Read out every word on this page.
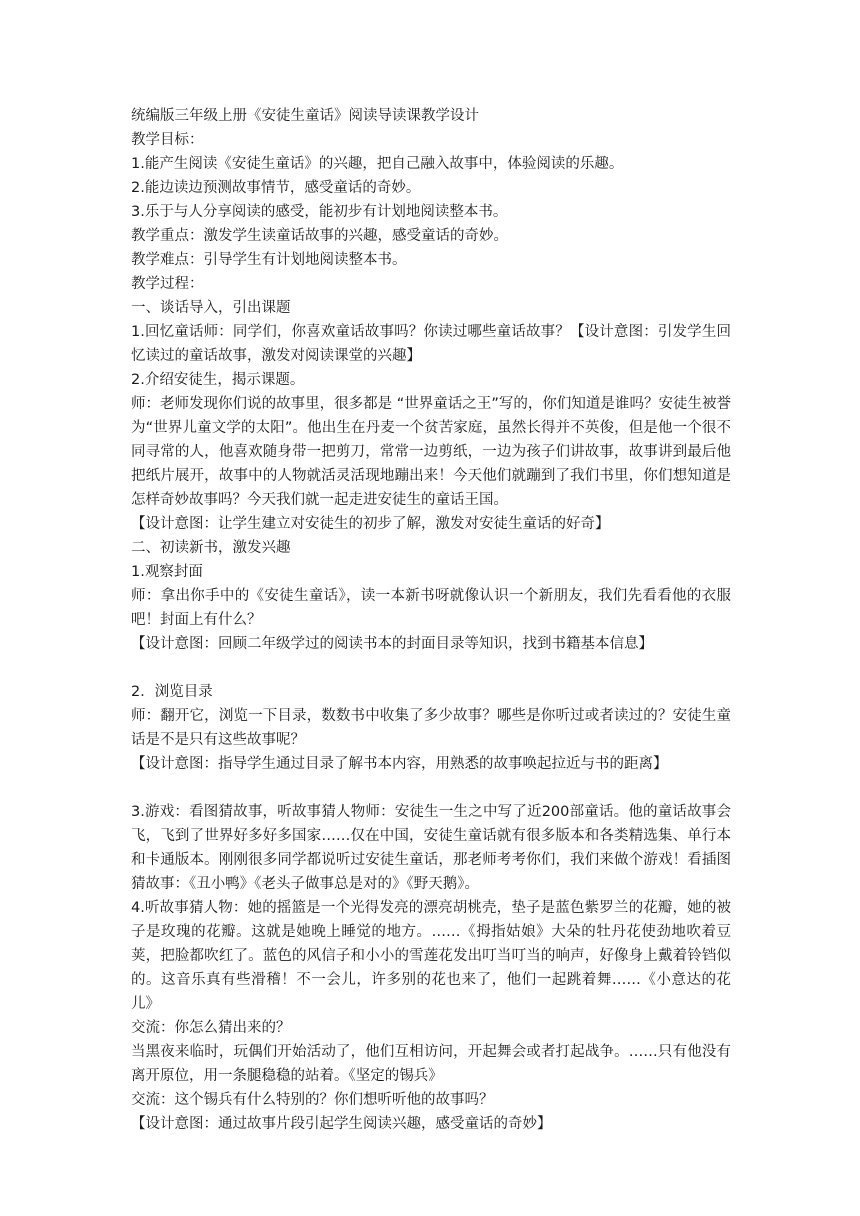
统编版三年级上册《安徒生童话》阅读导读课教学设计

教学目标：

1.能产生阅读《安徒生童话》的兴趣，把自己融入故事中，体验阅读的乐趣。

2.能边读边预测故事情节，感受童话的奇妙。

3.乐于与人分享阅读的感受，能初步有计划地阅读整本书。

教学重点：激发学生读童话故事的兴趣，感受童话的奇妙。

教学难点：引导学生有计划地阅读整本书。

教学过程：

一、谈话导入，引出课题

1.回忆童话师：同学们，你喜欢童话故事吗？你读过哪些童话故事？【设计意图：引发学生回忆读过的童话故事，激发对阅读课堂的兴趣】

2.介绍安徒生，揭示课题。

师：老师发现你们说的故事里，很多都是 “世界童话之王”写的，你们知道是谁吗？安徒生被誉为“世界儿童文学的太阳”。他出生在丹麦一个贫苦家庭，虽然长得并不英俊，但是他一个很不同寻常的人，他喜欢随身带一把剪刀，常常一边剪纸，一边为孩子们讲故事，故事讲到最后他把纸片展开，故事中的人物就活灵活现地蹦出来！今天他们就蹦到了我们书里，你们想知道是怎样奇妙故事吗？今天我们就一起走进安徒生的童话王国。

【设计意图：让学生建立对安徒生的初步了解，激发对安徒生童话的好奇】

二、初读新书，激发兴趣

1.观察封面

师：拿出你手中的《安徒生童话》，读一本新书呀就像认识一个新朋友，我们先看看他的衣服吧！封面上有什么？

【设计意图：回顾二年级学过的阅读书本的封面目录等知识，找到书籍基本信息】

2．浏览目录

师：翻开它，浏览一下目录，数数书中收集了多少故事？哪些是你听过或者读过的？安徒生童话是不是只有这些故事呢？

【设计意图：指导学生通过目录了解书本内容，用熟悉的故事唤起拉近与书的距离】

3.游戏：看图猜故事，听故事猜人物师：安徒生一生之中写了近200部童话。他的童话故事会飞，飞到了世界好多好多国家……仅在中国，安徒生童话就有很多版本和各类精选集、单行本和卡通版本。刚刚很多同学都说听过安徒生童话，那老师考考你们，我们来做个游戏！看插图猜故事：《丑小鸭》《老头子做事总是对的》《野天鹅》。

4.听故事猜人物：她的摇篮是一个光得发亮的漂亮胡桃壳，垫子是蓝色紫罗兰的花瓣，她的被子是玫瑰的花瓣。这就是她晚上睡觉的地方。……《拇指姑娘》大朵的牡丹花使劲地吹着豆荚，把脸都吹红了。蓝色的风信子和小小的雪莲花发出叮当叮当的响声，好像身上戴着铃铛似的。这音乐真有些滑稽！不一会儿，许多别的花也来了，他们一起跳着舞……《小意达的花儿》

交流：你怎么猜出来的？

当黑夜来临时，玩偶们开始活动了，他们互相访问，开起舞会或者打起战争。……只有他没有离开原位，用一条腿稳稳的站着。《坚定的锡兵》

交流：这个锡兵有什么特别的？你们想听听他的故事吗？

【设计意图：通过故事片段引起学生阅读兴趣，感受童话的奇妙】
